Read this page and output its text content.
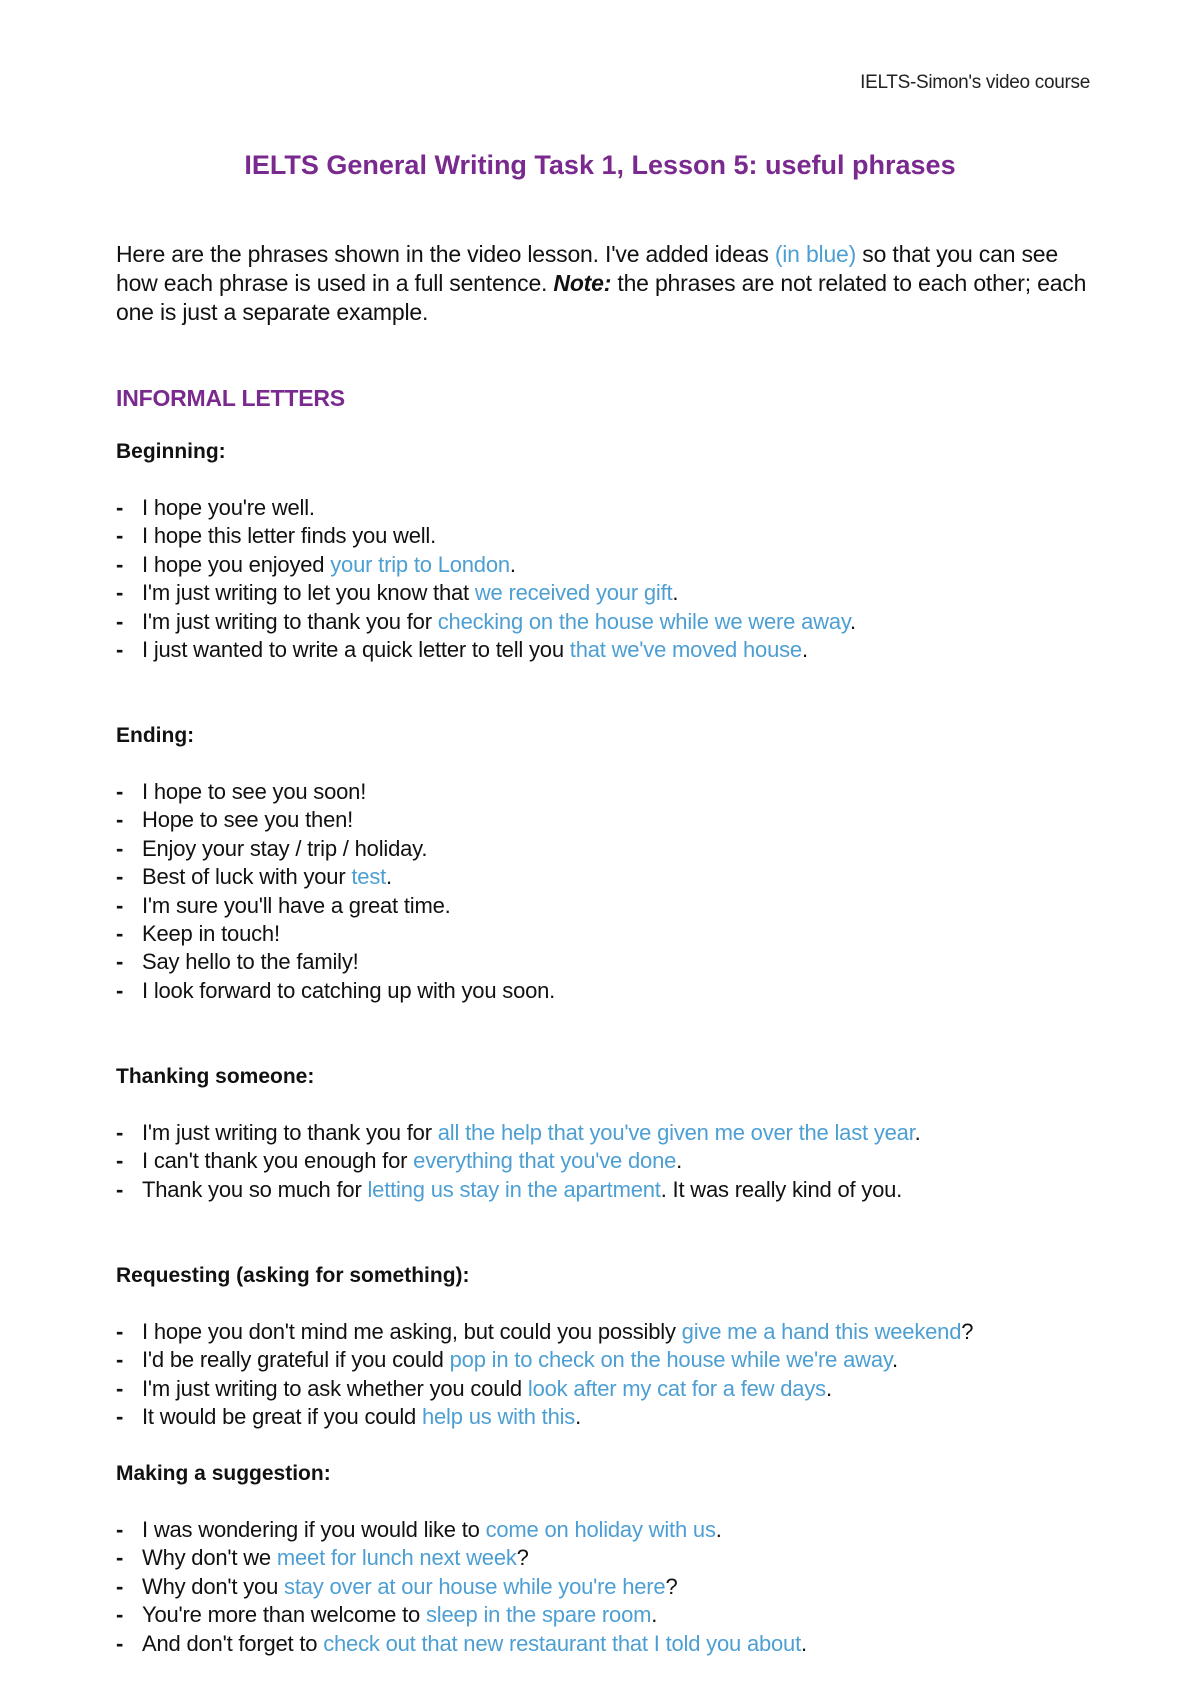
IELTS-Simon's video course
IELTS General Writing Task 1, Lesson 5: useful phrases

Here are the phrases shown in the video lesson. I've added ideas (in blue) so that you can see how each phrase is used in a full sentence. Note: the phrases are not related to each other; each one is just a separate example.

INFORMAL LETTERS
Beginning:
- I hope you're well.
- I hope this letter finds you well.
- I hope you enjoyed your trip to London.
- I'm just writing to let you know that we received your gift.
- I'm just writing to thank you for checking on the house while we were away.
- I just wanted to write a quick letter to tell you that we've moved house.
Ending:
- I hope to see you soon!
- Hope to see you then!
- Enjoy your stay / trip / holiday.
- Best of luck with your test.
- I'm sure you'll have a great time.
- Keep in touch!
- Say hello to the family!
- I look forward to catching up with you soon.
Thanking someone:
- I'm just writing to thank you for all the help that you've given me over the last year.
- I can't thank you enough for everything that you've done.
- Thank you so much for letting us stay in the apartment. It was really kind of you.
Requesting (asking for something):
- I hope you don't mind me asking, but could you possibly give me a hand this weekend?
- I'd be really grateful if you could pop in to check on the house while we're away.
- I'm just writing to ask whether you could look after my cat for a few days.
- It would be great if you could help us with this.
Making a suggestion:
- I was wondering if you would like to come on holiday with us.
- Why don't we meet for lunch next week?
- Why don't you stay over at our house while you're here?
- You're more than welcome to sleep in the spare room.
- And don't forget to check out that new restaurant that I told you about.
